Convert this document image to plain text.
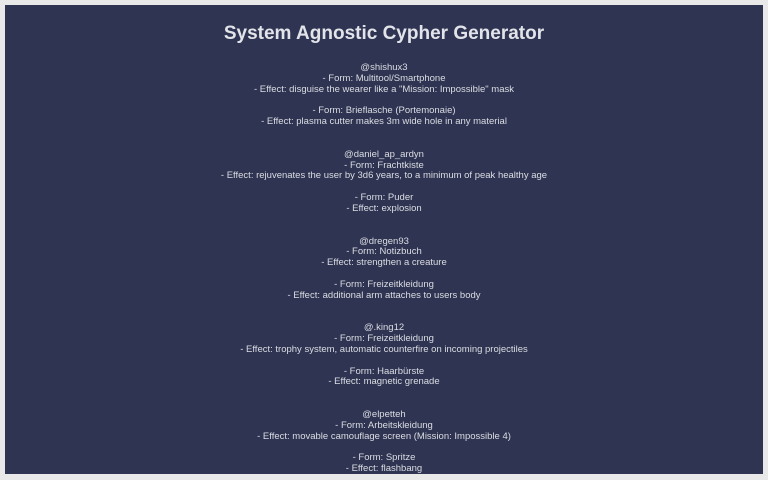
System Agnostic Cypher Generator
@shishux3
- Form: Multitool/Smartphone
- Effect: disguise the wearer like a "Mission: Impossible" mask
- Form: Brieflasche (Portemonaie)
- Effect: plasma cutter makes 3m wide hole in any material
@daniel_ap_ardyn
- Form: Frachtkiste
- Effect: rejuvenates the user by 3d6 years, to a minimum of peak healthy age
- Form: Puder
- Effect: explosion
@dregen93
- Form: Notizbuch
- Effect: strengthen a creature
- Form: Freizeitkleidung
- Effect: additional arm attaches to users body
@.king12
- Form: Freizeitkleidung
- Effect: trophy system, automatic counterfire on incoming projectiles
- Form: Haarbürste
- Effect: magnetic grenade
@elpetteh
- Form: Arbeitskleidung
- Effect: movable camouflage screen (Mission: Impossible 4)
- Form: Spritze
- Effect: flashbang
